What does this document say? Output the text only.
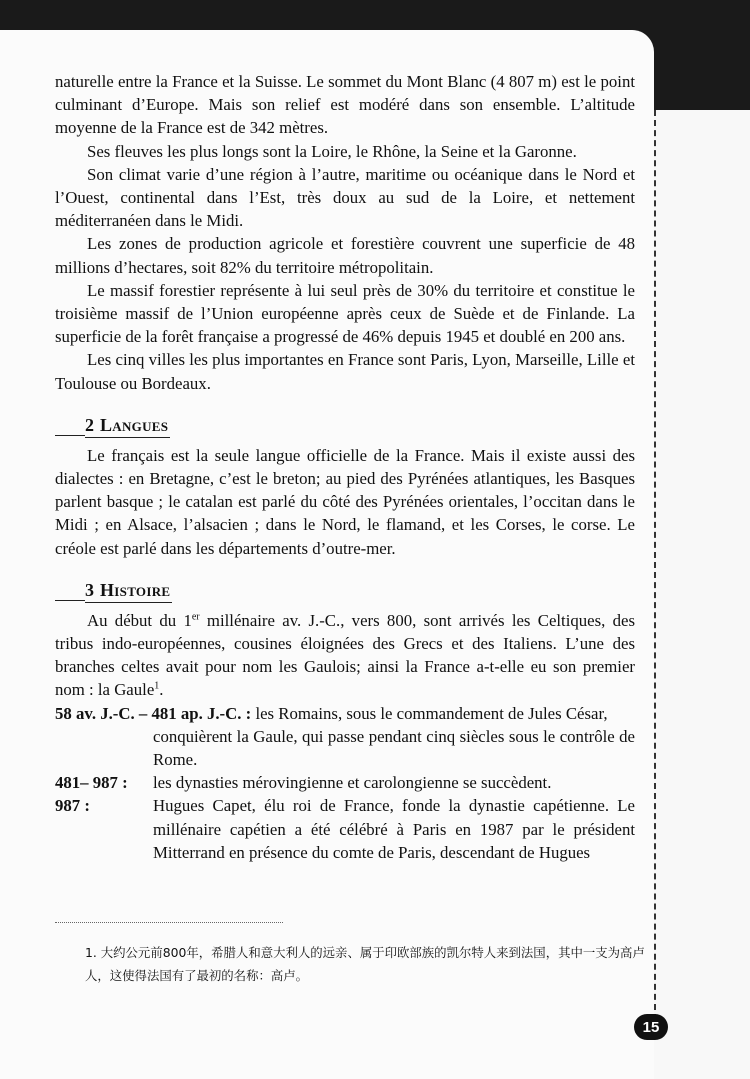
naturelle entre la France et la Suisse. Le sommet du Mont Blanc (4 807 m) est le point culminant d’Europe. Mais son relief est modéré dans son ensemble. L’altitude moyenne de la France est de 342 mètres.

Ses fleuves les plus longs sont la Loire, le Rhône, la Seine et la Garonne.

Son climat varie d’une région à l’autre, maritime ou océanique dans le Nord et l’Ouest, continental dans l’Est, très doux au sud de la Loire, et nettement méditerranéen dans le Midi.

Les zones de production agricole et forestière couvrent une superficie de 48 millions d’hectares, soit 82% du territoire métropolitain.

Le massif forestier représente à lui seul près de 30% du territoire et constitue le troisième massif de l’Union européenne après ceux de Suède et de Finlande. La superficie de la forêt française a progressé de 46% depuis 1945 et doublé en 200 ans.

Les cinq villes les plus importantes en France sont Paris, Lyon, Marseille, Lille et Toulouse ou Bordeaux.

2 Langues

Le français est la seule langue officielle de la France. Mais il existe aussi des dialectes : en Bretagne, c’est le breton; au pied des Pyrénées atlantiques, les Basques parlent basque ; le catalan est parlé du côté des Pyrénées orientales, l’occitan dans le Midi ; en Alsace, l’alsacien ; dans le Nord, le flamand, et les Corses, le corse. Le créole est parlé dans les départements d’outre-mer.

3 Histoire

Au début du 1er millénaire av. J.-C., vers 800, sont arrivés les Celtiques, des tribus indo-européennes, cousines éloignées des Grecs et des Italiens. L’une des branches celtes avait pour nom les Gaulois; ainsi la France a-t-elle eu son premier nom : la Gaule$^1$.

58 av. J.-C. – 481 ap. J.-C. : les Romains, sous le commandement de Jules César,

conquièrent la Gaule, qui passe pendant cinq siècles sous le contrôle de Rome.

481– 987 :	les dynasties mérovingienne et carolongienne se succèdent.
987 :	Hugues Capet, élu roi de France, fonde la dynastie capétienne. Le millénaire capétien a été célébré à Paris en 1987 par le président Mitterrand en présence du comte de Paris, descendant de Hugues
1. 大约公元前800年，希腊人和意大利人的远亲、属于印欧部族的凯尔特人来到法国，其中一支为高卢人，这使得法国有了最初的名称：高卢。
15
